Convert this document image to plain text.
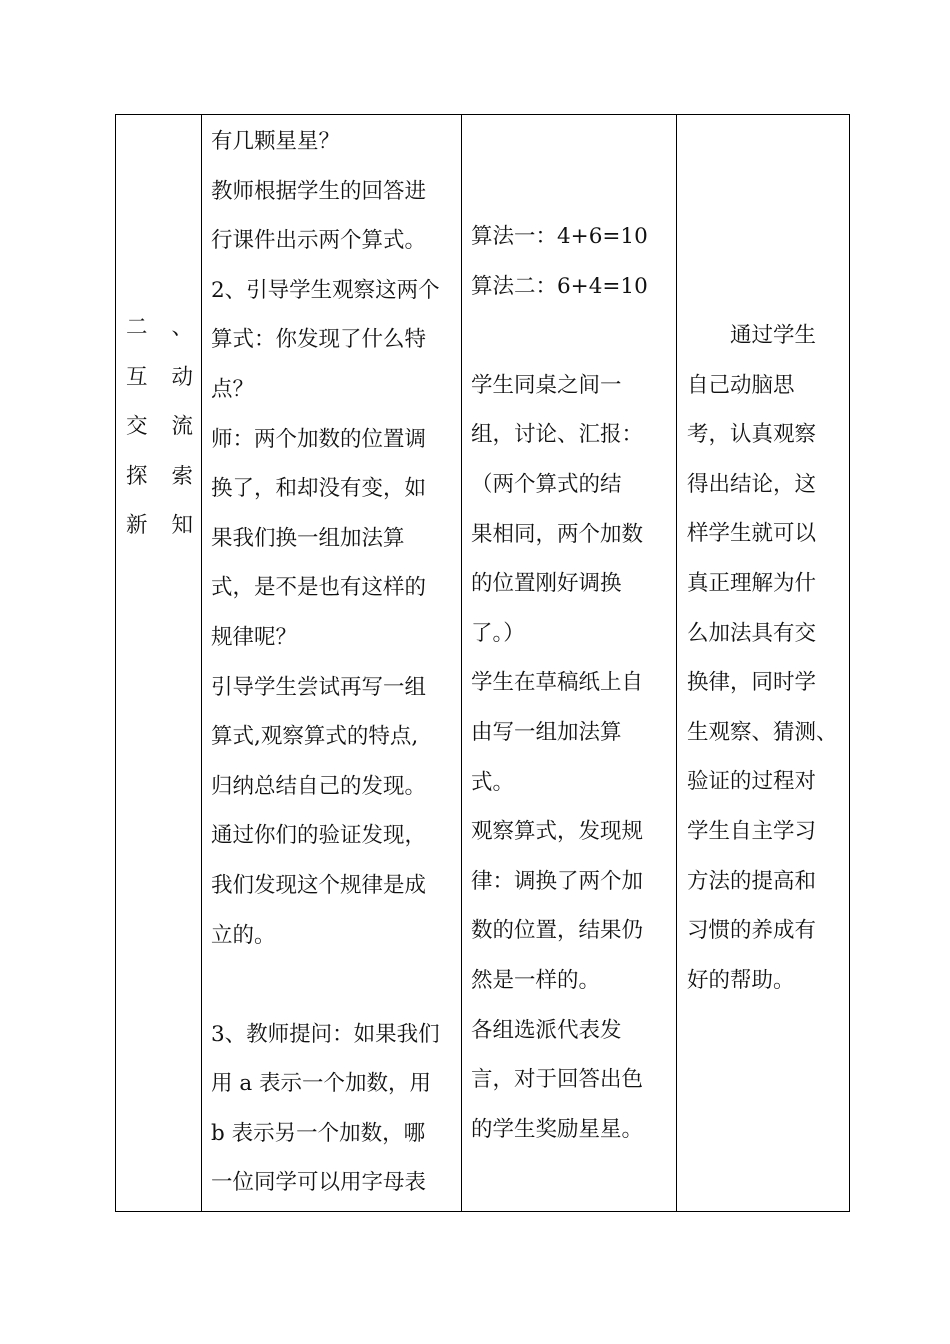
二 、
互 动
交 流
探 索
新 知

有几颗星星？
教师根据学生的回答进
行课件出示两个算式。
2、引导学生观察这两个
算式：你发现了什么特
点？
师：两个加数的位置调
换了，和却没有变，如
果我们换一组加法算
式，是不是也有这样的
规律呢？
引导学生尝试再写一组
算式,观察算式的特点,
归纳总结自己的发现。
通过你们的验证发现，
我们发现这个规律是成
立的。
3、教师提问：如果我们
用 a 表示一个加数，用
b 表示另一个加数，哪
一位同学可以用字母表

算法一：4+6=10
算法二：6+4=10
学生同桌之间一
组，讨论、汇报：
（两个算式的结
果相同，两个加数
的位置刚好调换
了。）
学生在草稿纸上自
由写一组加法算
式。
观察算式，发现规
律：调换了两个加
数的位置，结果仍
然是一样的。
各组选派代表发
言，对于回答出色
的学生奖励星星。

通过学生
自己动脑思
考，认真观察
得出结论，这
样学生就可以
真正理解为什
么加法具有交
换律，同时学
生观察、猜测、
验证的过程对
学生自主学习
方法的提高和
习惯的养成有
好的帮助。
